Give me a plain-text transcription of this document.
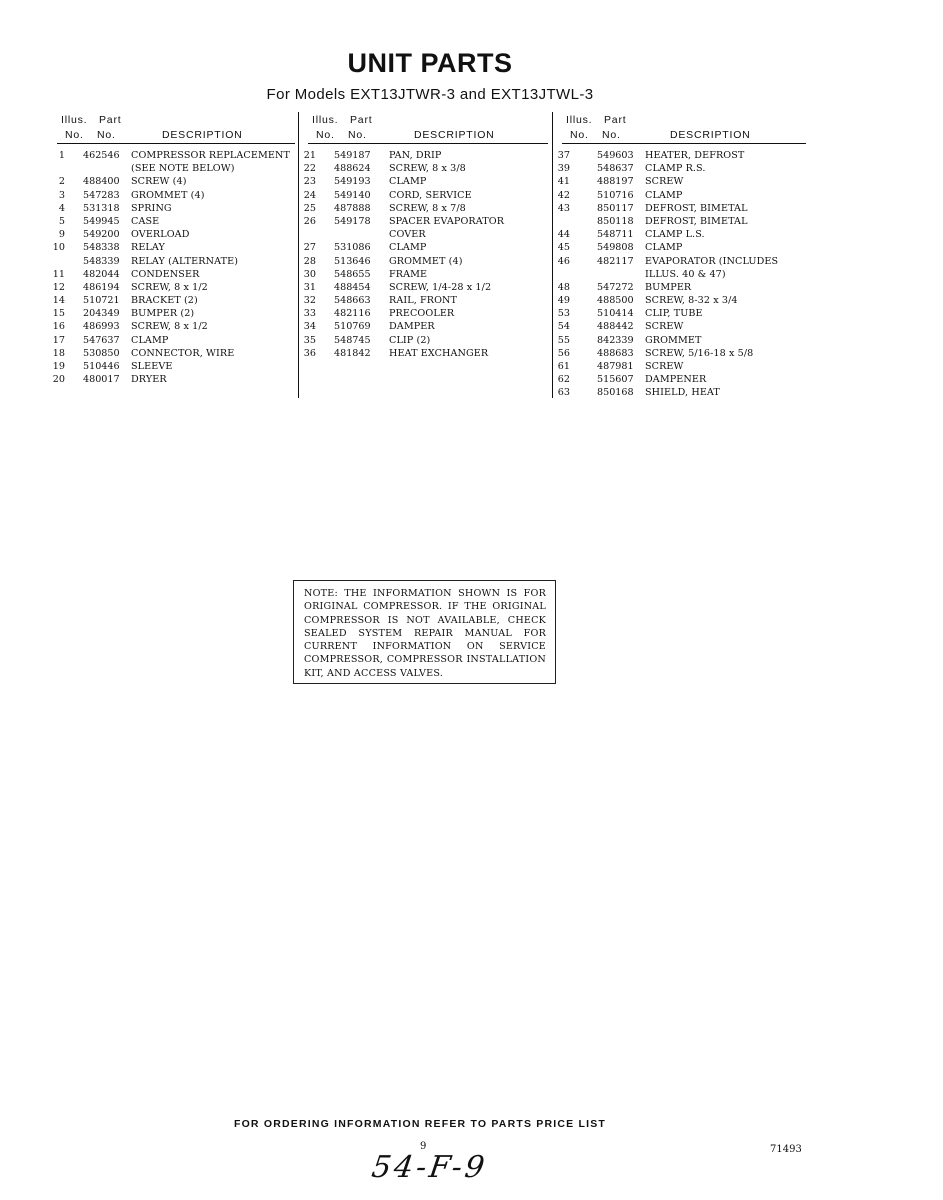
UNIT PARTS
For Models EXT13JTWR-3 and EXT13JTWL-3
Illus. Part
No. No.	DESCRIPTION
1 462546 COMPRESSOR REPLACEMENT
(SEE NOTE BELOW)
2 488400 SCREW (4)
3 547283 GROMMET (4)
4 531318 SPRING
5 549945 CASE
9 549200 OVERLOAD
10 548338 RELAY
548339 RELAY (ALTERNATE)
11 482044 CONDENSER
12 486194 SCREW, 8 x 1/2
14 510721 BRACKET (2)
15 204349 BUMPER (2)
16 486993 SCREW, 8 x 1/2
17 547637 CLAMP
18 530850 CONNECTOR, WIRE
19 510446 SLEEVE
20 480017 DRYER
Illus. Part
No. No.	DESCRIPTION
21 549187 PAN, DRIP
22 488624 SCREW, 8 x 3/8
23 549193 CLAMP
24 549140 CORD, SERVICE
25 487888 SCREW, 8 x 7/8
26 549178 SPACER EVAPORATOR
COVER
27 531086 CLAMP
28 513646 GROMMET (4)
30 548655 FRAME
31 488454 SCREW, 1/4-28 x 1/2
32 548663 RAIL, FRONT
33 482116 PRECOOLER
34 510769 DAMPER
35 548745 CLIP (2)
36 481842 HEAT EXCHANGER
Illus. Part
No. No.	DESCRIPTION
37	549603 HEATER, DEFROST
39	548637 CLAMP R.S.
41	488197 SCREW
42	510716 CLAMP
43	850117 DEFROST, BIMETAL
850118 DEFROST, BIMETAL
44	548711 CLAMP L.S.
45	549808 CLAMP
46	482117 EVAPORATOR (INCLUDES
ILLUS. 40 & 47)
48	547272 BUMPER
49	488500 SCREW, 8-32 x 3/4
53	510414 CLIP, TUBE
54	488442 SCREW
55	842339 GROMMET
56	488683 SCREW, 5/16-18 x 5/8
61	487981 SCREW
62	515607 DAMPENER
63	850168 SHIELD, HEAT
NOTE: THE INFORMATION SHOWN IS FOR ORIGINAL COMPRESSOR. IF THE ORIGINAL COMPRESSOR IS NOT AVAILABLE, CHECK SEALED SYSTEM REPAIR MANUAL FOR CURRENT INFORMATION ON SERVICE COMPRESSOR, COMPRESSOR INSTALLATION KIT, AND ACCESS VALVES.
FOR ORDERING INFORMATION REFER TO PARTS PRICE LIST
9	71493
54-F-9
